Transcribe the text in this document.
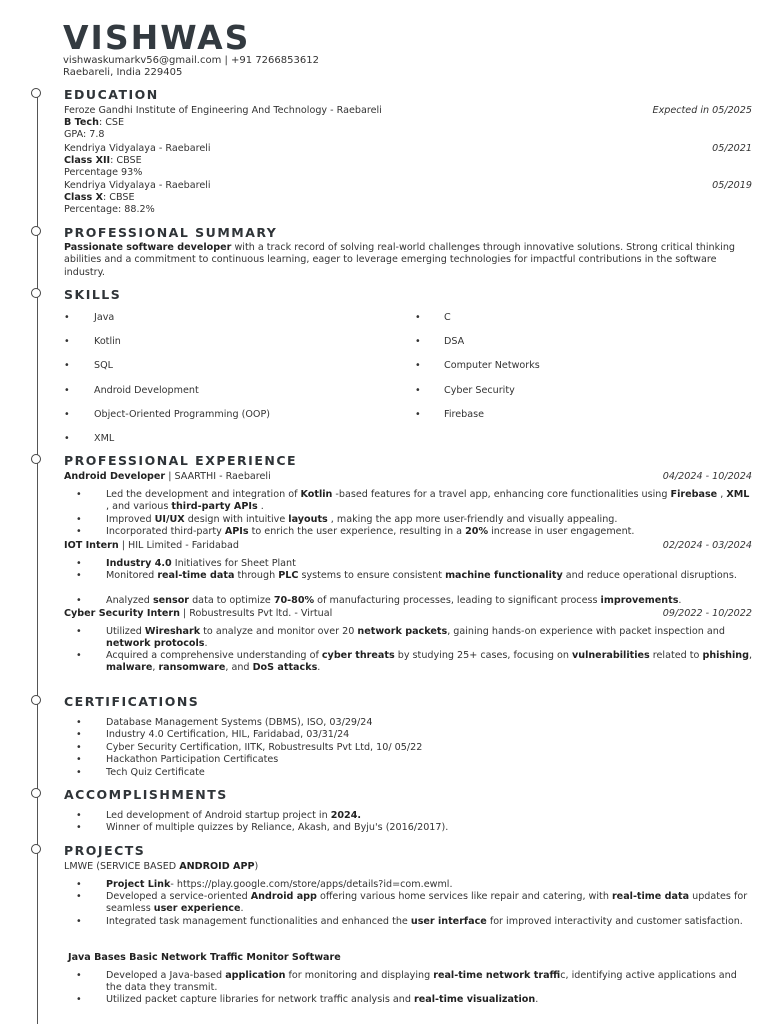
VISHWAS
vishwaskumarkv56@gmail.com | +91 7266853612
Raebareli, India 229405
EDUCATION
Feroze Gandhi Institute of Engineering And Technology - Raebareli	Expected in 05/2025
B Tech: CSE
GPA: 7.8
Kendriya Vidyalaya - Raebareli	05/2021
Class XII: CBSE
Percentage 93%
Kendriya Vidyalaya - Raebareli	05/2019
Class X: CBSE
Percentage: 88.2%
PROFESSIONAL SUMMARY
Passionate software developer with a track record of solving real-world challenges through innovative solutions. Strong critical thinking abilities and a commitment to continuous learning, eager to leverage emerging technologies for impactful contributions in the software industry.
SKILLS
•	Java
•	Kotlin
•	SQL
•	Android Development
•	Object-Oriented Programming (OOP)
•	XML
• C
• DSA
• Computer Networks
• Cyber Security
• Firebase
PROFESSIONAL EXPERIENCE
Android Developer | SAARTHI - Raebareli	04/2024 - 10/2024
•	Led the development and integration of Kotlin -based features for a travel app, enhancing core functionalities using Firebase , XML , and various third-party APIs .
•	Improved UI/UX design with intuitive layouts , making the app more user-friendly and visually appealing.
•	Incorporated third-party APIs to enrich the user experience, resulting in a 20% increase in user engagement.
IOT Intern | HIL Limited - Faridabad	02/2024 - 03/2024
•	Industry 4.0 Initiatives for Sheet Plant
•	Monitored real-time data through PLC systems to ensure consistent machine functionality and reduce operational disruptions.
•	Analyzed sensor data to optimize 70-80% of manufacturing processes, leading to significant process improvements.
Cyber Security Intern | Robustresults Pvt ltd. - Virtual	09/2022 - 10/2022
•	Utilized Wireshark to analyze and monitor over 20 network packets, gaining hands-on experience with packet inspection and network protocols.
•	Acquired a comprehensive understanding of cyber threats by studying 25+ cases, focusing on vulnerabilities related to phishing, malware, ransomware, and DoS attacks.
CERTIFICATIONS
•	Database Management Systems (DBMS), ISO, 03/29/24
•	Industry 4.0 Certification, HIL, Faridabad, 03/31/24
•	Cyber Security Certification, IITK, Robustresults Pvt Ltd, 10/ 05/22
•	Hackathon Participation Certificates
•	Tech Quiz Certificate
ACCOMPLISHMENTS
•	Led development of Android startup project in 2024.
•	Winner of multiple quizzes by Reliance, Akash, and Byju's (2016/2017).
PROJECTS
LMWE (SERVICE BASED ANDROID APP)
•	Project Link- https://play.google.com/store/apps/details?id=com.ewml.
•	Developed a service-oriented Android app offering various home services like repair and catering, with real-time data updates for seamless user experience.
•	Integrated task management functionalities and enhanced the user interface for improved interactivity and customer satisfaction.
Java Bases Basic Network Traffic Monitor Software
•	Developed a Java-based application for monitoring and displaying real-time network traffic, identifying active applications and the data they transmit.
•	Utilized packet capture libraries for network traffic analysis and real-time visualization.
